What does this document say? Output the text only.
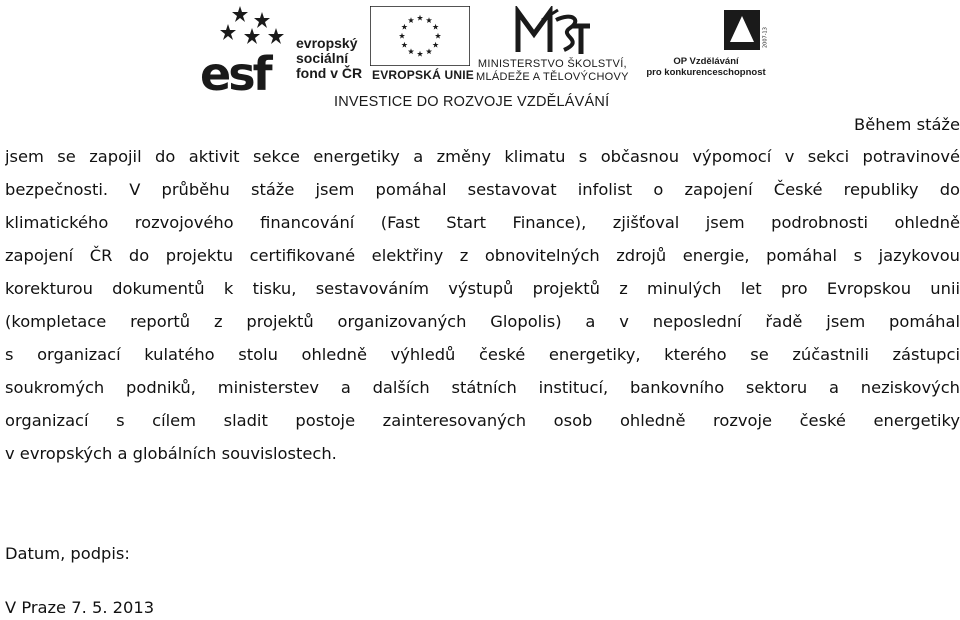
esf
evropský
sociální
fond v ČR EVROPSKÁ UNIE
MINISTERSTVO ŠKOLSTVÍ,
MLÁDEŽE A TĚLOVÝCHOVY
2007-13
OP Vzdělávání
pro konkurenceschopnost
INVESTICE DO ROZVOJE VZDĚLÁVÁNÍ
Během stáže
jsem se zapojil do aktivit sekce energetiky a změny klimatu s občasnou výpomocí v sekci potravinové
bezpečnosti. V průběhu stáže jsem pomáhal sestavovat infolist o zapojení České republiky do
klimatického rozvojového financování (Fast Start Finance), zjišťoval jsem podrobnosti ohledně
zapojení ČR do projektu certifikované elektřiny z obnovitelných zdrojů energie, pomáhal s jazykovou
korekturou dokumentů k tisku, sestavováním výstupů projektů z minulých let pro Evropskou unii
(kompletace reportů z projektů organizovaných Glopolis) a v neposlední řadě jsem pomáhal
s organizací kulatého stolu ohledně výhledů české energetiky, kterého se zúčastnili zástupci
soukromých podniků, ministerstev a dalších státních institucí, bankovního sektoru a neziskových
organizací s cílem sladit postoje zainteresovaných osob ohledně rozvoje české energetiky
v evropských a globálních souvislostech.
Datum, podpis:
V Praze 7. 5. 2013
